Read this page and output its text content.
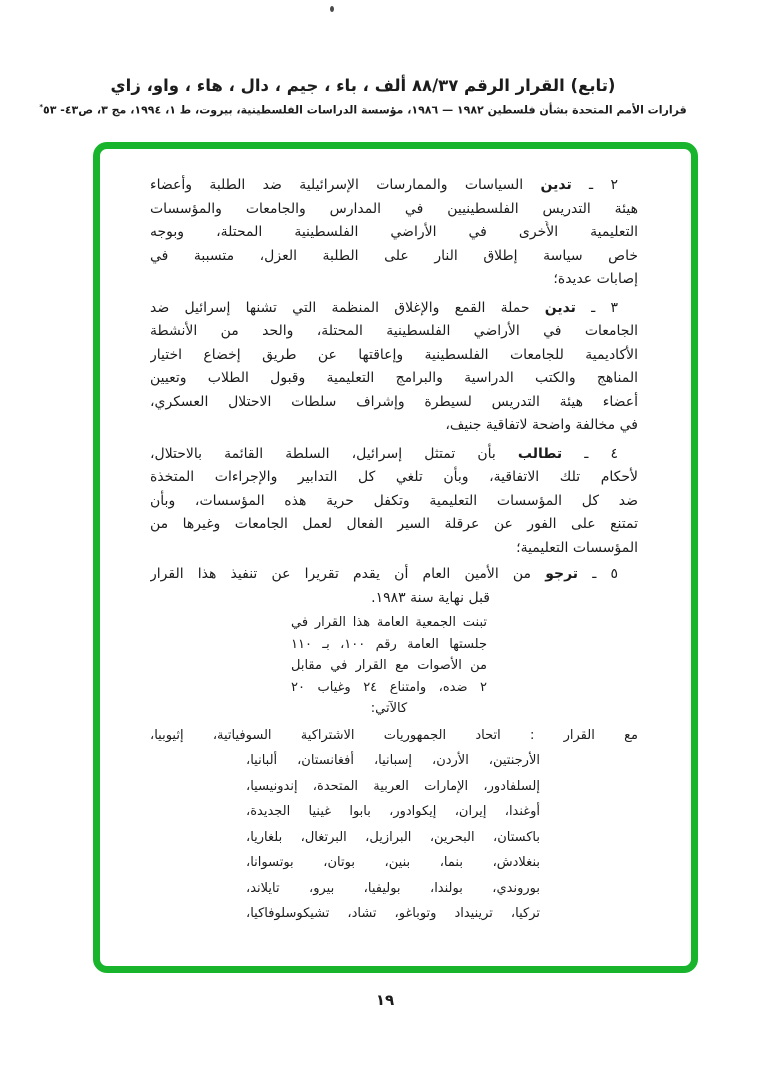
(تابع) القرار الرقم ٨٨/٣٧ ألف ، باء ، جيم ، دال ، هاء ، واو، زاي
قرارات الأمم المتحدة بشأن فلسطين ١٩٨٢ — ١٩٨٦، مؤسسة الدراسات الفلسطينية، بيروت، ط ١، ١٩٩٤، مج ٣، ص٤٣- ٥٣*
٢ ـ تدين السياسات والممارسات الإسرائيلية ضد الطلبة وأعضاء
هيئة التدريس الفلسطينيين في المدارس والجامعات والمؤسسات
التعليمية الأُخرى في الأراضي الفلسطينية المحتلة، وبوجه
خاص سياسة إطلاق النار على الطلبة العزل، متسببة في
إصابات عديدة؛
٣ ـ تدين حملة القمع والإغلاق المنظمة التي تشنها إسرائيل ضد
الجامعات في الأراضي الفلسطينية المحتلة، والحد من الأنشطة
الأكاديمية للجامعات الفلسطينية وإعاقتها عن طريق إخضاع اختيار
المناهج والكتب الدراسية والبرامج التعليمية وقبول الطلاب وتعيين
أعضاء هيئة التدريس لسيطرة وإشراف سلطات الاحتلال العسكري،
في مخالفة واضحة لاتفاقية جنيف،
٤ ـ تطالب بأن تمتثل إسرائيل، السلطة القائمة بالاحتلال،
لأحكام تلك الاتفاقية، وبأن تلغي كل التدابير والإجراءات المتخذة
ضد كل المؤسسات التعليمية وتكفل حرية هذه المؤسسات، وبأن
تمتنع على الفور عن عرقلة السير الفعال لعمل الجامعات وغيرها من
المؤسسات التعليمية؛
٥ ـ ترجو من الأمين العام أن يقدم تقريرا عن تنفيذ هذا القرار
قبل نهاية سنة ١٩٨٣.
تبنت الجمعية العامة هذا القرار في
جلستها العامة رقم ١٠٠، بـ ١١٠
من الأصوات مع القرار في مقابل
٢ ضده، وامتناع ٢٤ وغياب ٢٠
كالآتي:
مع القرار : اتحاد الجمهوريات الاشتراكية السوفياتية، إثيوبيا،
الأرجنتين، الأردن، إسبانيا، أفغانستان، ألبانيا،
إلسلفادور، الإمارات العربية المتحدة، إندونيسيا،
أوغندا، إيران، إيكوادور، بابوا غينيا الجديدة،
باكستان، البحرين، البرازيل، البرتغال، بلغاريا،
بنغلادش، بنما، بنين، بوتان، بوتسوانا،
بوروندي، بولندا، بوليفيا، بيرو، تايلاند،
تركيا، ترينيداد وتوباغو، تشاد، تشيكوسلوفاكيا،
١٩
